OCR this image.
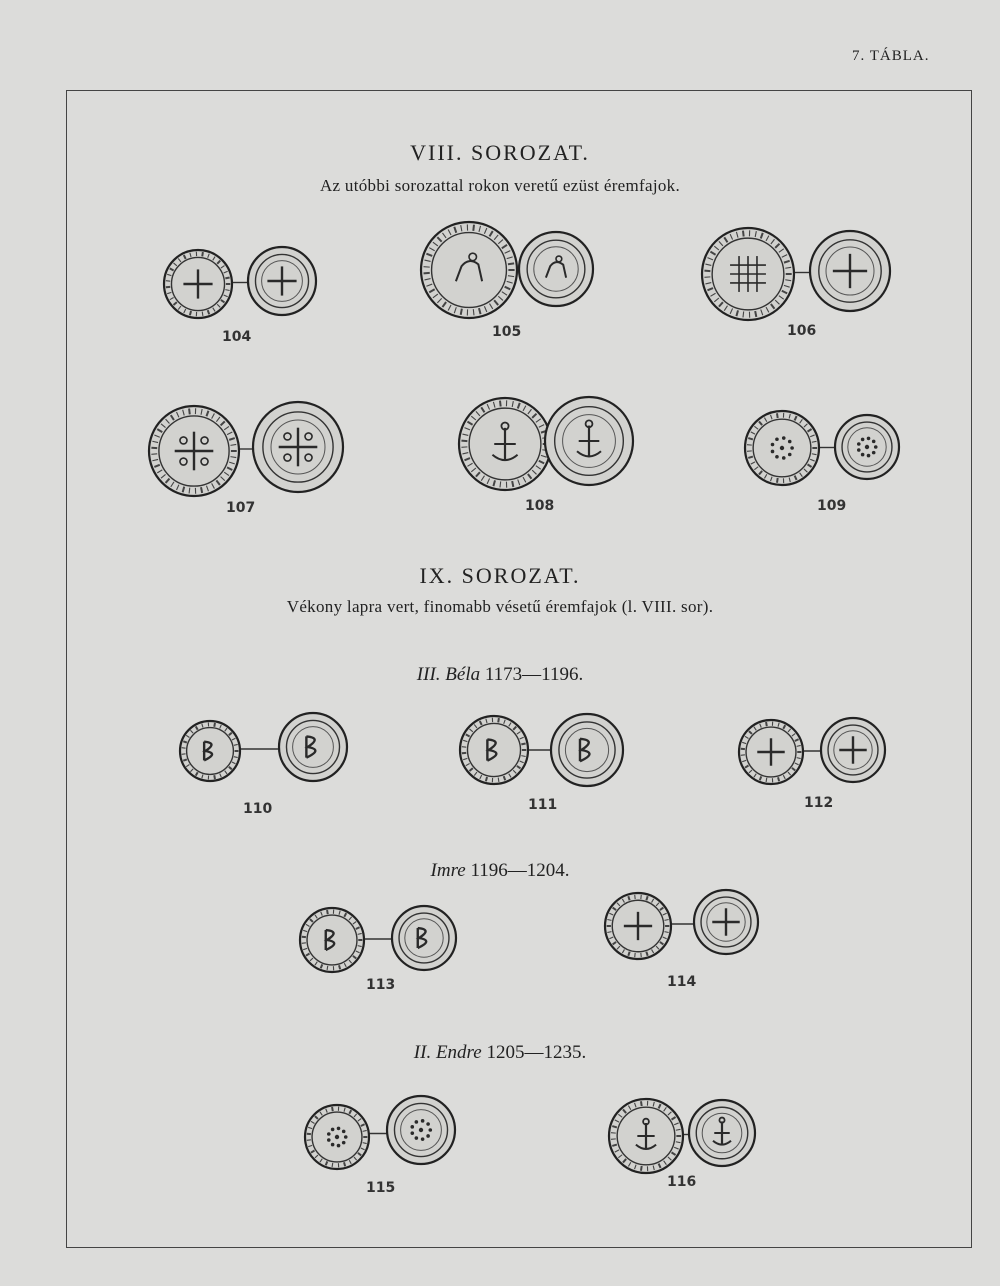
7. TÁBLA.
VIII. SOROZAT.
Az utóbbi sorozattal rokon veretű ezüst éremfajok.
IX. SOROZAT.
Vékony lapra vert, finomabb vésetű éremfajok (l. VIII. sor).
III. Béla 1173—1196.
Imre 1196—1204.
II. Endre 1205—1235.
104	105	106
107	108	109
110	111	112
113	114
115	116
